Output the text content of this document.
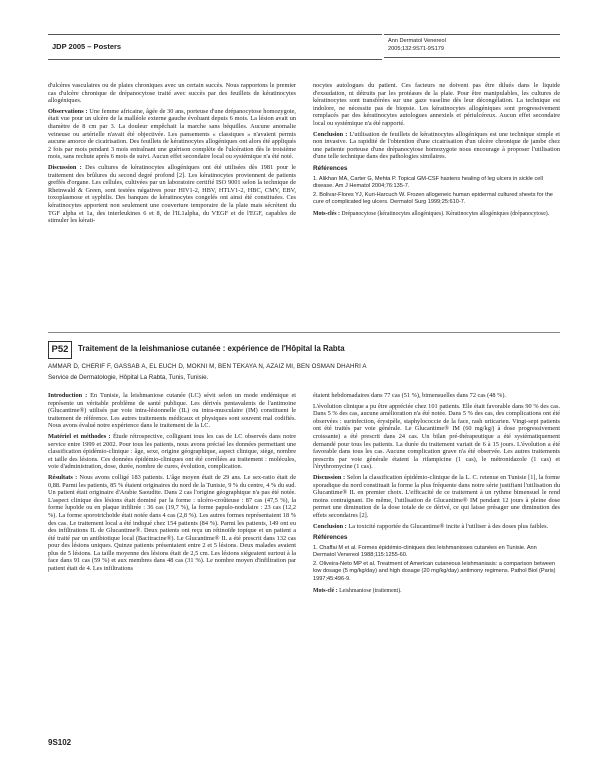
JDP 2005 – Posters
Ann Dermatol Venereol
2005;132:9S71-9S179

d'ulcères vasculaires ou de plaies chroniques avec un certain succès. Nous rapportons le premier cas d'ulcère chronique de drépanocytose traité avec succès par des feuillets de kératinocytes allogéniques.

Observations : Une femme africaine, âgée de 30 ans, porteuse d'une drépanocytose homozygote, était vue pour un ulcère de la malléole externe gauche évoluant depuis 6 mois. La lésion avait un diamètre de 8 cm par 3. La douleur empêchait la marche sans béquilles. Aucune anomalie veineuse ou artérielle n'avait été objectivée. Les pansements « classiques » n'avaient permis aucune amorce de cicatrisation. Des feuillets de kératinocytes allogéniques ont alors été appliqués 2 fois par mois pendant 3 mois entraînant une guérison complète de l'ulcération dès le troisième mois, sans rechute après 6 mois de suivi. Aucun effet secondaire local ou systémique n'a été noté.

Discussion : Des cultures de kératinocytes allogéniques ont été utilisées dès 1981 pour le traitement des brûlures du second degré profond [2]. Les kératinocytes proviennent de patients greffés d'organe. Les cellules, cultivées par un laboratoire certifié ISO 9001 selon la technique de Rheinwald & Green, sont testées négatives pour HIV1-2, HBV, HTLV1-2, HBC, CMV, EBV, toxoplasmose et syphilis. Des banques de kératinocytes congelés ont ainsi été constituées. Ces kératinocytes apportent non seulement une couverture temporaire de la plaie mais sécrètent du TGF alpha et 1a, des interleukines 6 et 8, de l'IL1alpha, du VEGF et de l'EGF, capables de stimuler les kérati-

nocytes autologues du patient. Ces facteurs ne doivent pas être dilués dans le liquide d'exsudation, ni détruits par les protéases de la plaie. Pour être manipulables, les cultures de kératinocytes sont transférées sur une gaze vaseline dès leur décongélation. La technique est indolore, ne nécessite pas de biopsie. Les kératinocytes allogéniques sont progressivement remplacés par des kératinocytes autologues annexiels et périulcéreux. Aucun effet secondaire local ou systémique n'a été rapporté.

Conclusion : L'utilisation de feuillets de kératinocytes allogéniques est une technique simple et non invasive. La rapidité de l'obtention d'une cicatrisation d'un ulcère chronique de jambe chez une patiente porteuse d'une drépanocytose homozygote nous encourage à proposer l'utilisation d'une telle technique dans des pathologies similaires.

Références

1. Alikhan MA, Carter G, Mehta P. Topical GM-CSF hastens healing of leg ulcers in sickle cell disease. Am J Hematol 2004;76:135-7.

2. Bolivar-Flores YJ, Kuri-Harcuch W. Frozen allogeneic human epidermal cultured sheets for the cure of complicated leg ulcers. Dermatol Surg 1999;25:610-7.

Mots-clés : Drépanocytose (kératinocytes allogéniques). Kératinocytes allogéniques (drépanocytose).

P52	Traitement de la leishmaniose cutanée : expérience de l'Hôpital la Rabta
AMMAR D, CHERIF F, GASSAB A, EL EUCH D, MOKNI M, BEN TEKAYA N, AZAIZ MI, BEN OSMAN DHAHRI A
Service de Dermatologie, Hôpital La Rabta, Tunis, Tunisie.

Introduction : En Tunisie, la leishmaniose cutanée (LC) sévit selon un mode endémique et représente un véritable problème de santé publique. Les dérivés pentavalents de l'antimoine (Glucantime®) utilisés par voie intra-lésionnelle (IL) ou intra-musculaire (IM) constituent le traitement de référence. Les autres traitements médicaux et physiques sont souvent mal codifiés. Nous avons évalué notre expérience dans le traitement de la LC.

Matériel et méthodes : Étude rétrospective, colligeant tous les cas de LC observés dans notre service entre 1999 et 2002. Pour tous les patients, nous avons précisé les données permettant une classification épidémio-clinique : âge, sexe, origine géographique, aspect clinique, siège, nombre et taille des lésions. Ces données épidémio-cliniques ont été corrélées au traitement : molécules, voie d'administration, dose, durée, nombre de cures, évolution, complication.

Résultats : Nous avons colligé 183 patients. L'âge moyen était de 29 ans. Le sex-ratio était de 0,88. Parmi les patients, 85 % étaient originaires du nord de la Tunisie, 9 % du centre, 4 % du sud. Un patient était originaire d'Arabie Saoudite. Dans 2 cas l'origine géographique n'a pas été notée. L'aspect clinique des lésions était dominé par la forme : ulcéro-croûteuse : 87 cas (47,5 %), la forme lupoïde ou en plaque infiltrée : 36 cas (19,7 %), la forme papulo-nodulaire : 23 cas (12,2 %). La forme sporotrichoïde était notée dans 4 cas (2,8 %). Les autres formes représentaient 18 % des cas. Le traitement local a été indiqué chez 154 patients (84 %). Parmi les patients, 149 ont eu des infiltrations IL de Glucantime®. Deux patients ont reçu un rétinoïde topique et un patient a été traité par un antibiotique local (Bacitracine®). Le Glucantime® IL a été prescrit dans 132 cas pour des lésions uniques. Quinze patients présentaient entre 2 et 5 lésions. Deux malades avaient plus de 5 lésions. La taille moyenne des lésions était de 2,5 cm. Les lésions siégeaient surtout à la face dans 91 cas (59 %) et aux membres dans 48 cas (31 %). Le nombre moyen d'infiltration par patient était de 4. Les infiltrations

étaient hebdomadaires dans 77 cas (51 %), bimensuelles dans 72 cas (48 %).

L'évolution clinique a pu être appréciée chez 101 patients. Elle était favorable dans 90 % des cas. Dans 5 % des cas, aucune amélioration n'a été notée. Dans 5 % des cas, des complications ont été observées : surinfection, érysipèle, staphylococcie de la face, rash urticarien. Vingt-sept patients ont été traités par voie générale. Le Glucantime® IM (60 mg/kg/j à dose progressivement croissante) a été prescrit dans 24 cas. Un bilan pré-thérapeutique a été systématiquement demandé pour tous les patients. La durée du traitement variait de 6 à 15 jours. L'évolution a été favorable dans tous les cas. Aucune complication grave n'a été observée. Les autres traitements prescrits par voie générale étaient la rifampicine (1 cas), le métronidazole (1 cas) et l'érythromycine (1 cas).

Discussion : Selon la classification épidémio-clinique de la L. C. retenue en Tunisie [1], la forme sporadique du nord constituait la forme la plus fréquente dans notre série justifiant l'utilisation du Glucantime® IL en premier choix. L'efficacité de ce traitement à un rythme bimensuel le rend moins contraignant. De même, l'utilisation de Glucantime® IM pendant 12 jours à pleine dose permet une diminution de la dose totale de ce dérivé, ce qui laisse présager une diminution des effets secondaires [2].

Conclusion : La toxicité rapportée du Glucantime® incite à l'utiliser à des doses plus faibles.

Références

1. Chaffai M et al. Formes épidémio-cliniques des leishmanioses cutanées en Tunisie. Ann Dermatol Venereol 1988;115:1255-60.

2. Oliveira-Neto MP et al. Treatment of American cutaneous leishmaniasis: a comparison between low dosage (5 mg/kg/day) and high dosage (20 mg/kg/day) antimony regimens. Pathol Biol (Paris) 1997;45:496-9.

Mots-clé : Leishmaniose (traitement).

9S102
